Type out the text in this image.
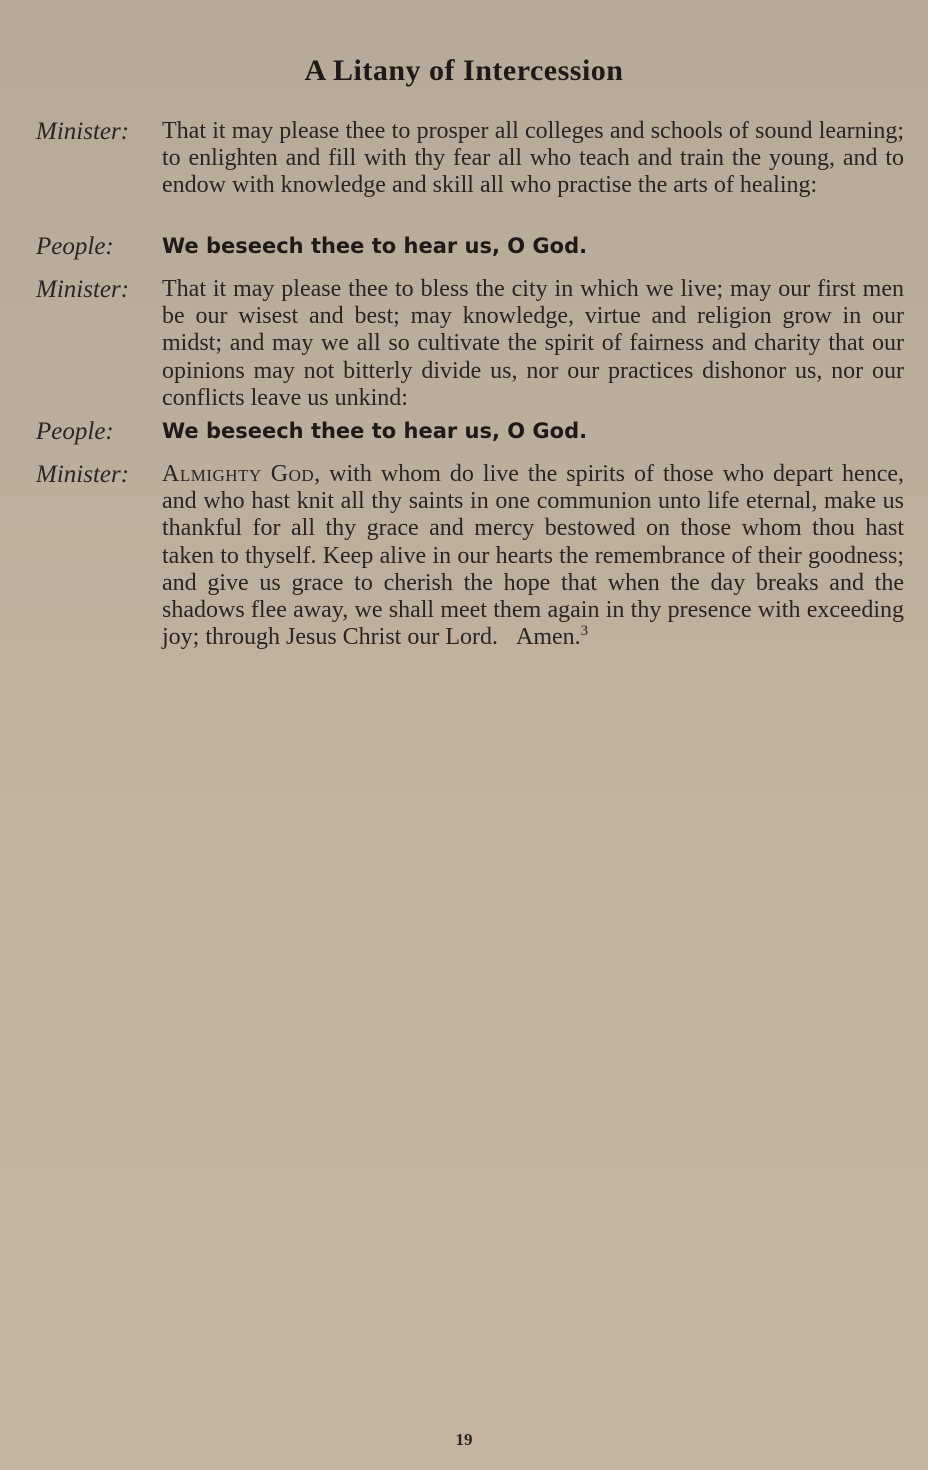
A Litany of Intercession
Minister: That it may please thee to prosper all colleges and schools of sound learning; to enlighten and fill with thy fear all who teach and train the young, and to endow with knowledge and skill all who practise the arts of healing:
People: We beseech thee to hear us, O God.
Minister: That it may please thee to bless the city in which we live; may our first men be our wisest and best; may knowledge, virtue and religion grow in our midst; and may we all so cultivate the spirit of fairness and charity that our opinions may not bitterly divide us, nor our practices dishonor us, nor our conflicts leave us unkind:
People: We beseech thee to hear us, O God.
Minister: Almighty God, with whom do live the spirits of those who depart hence, and who hast knit all thy saints in one communion unto life eternal, make us thankful for all thy grace and mercy bestowed on those whom thou hast taken to thyself. Keep alive in our hearts the remembrance of their goodness; and give us grace to cherish the hope that when the day breaks and the shadows flee away, we shall meet them again in thy presence with exceeding joy; through Jesus Christ our Lord. Amen.$^3$
19
